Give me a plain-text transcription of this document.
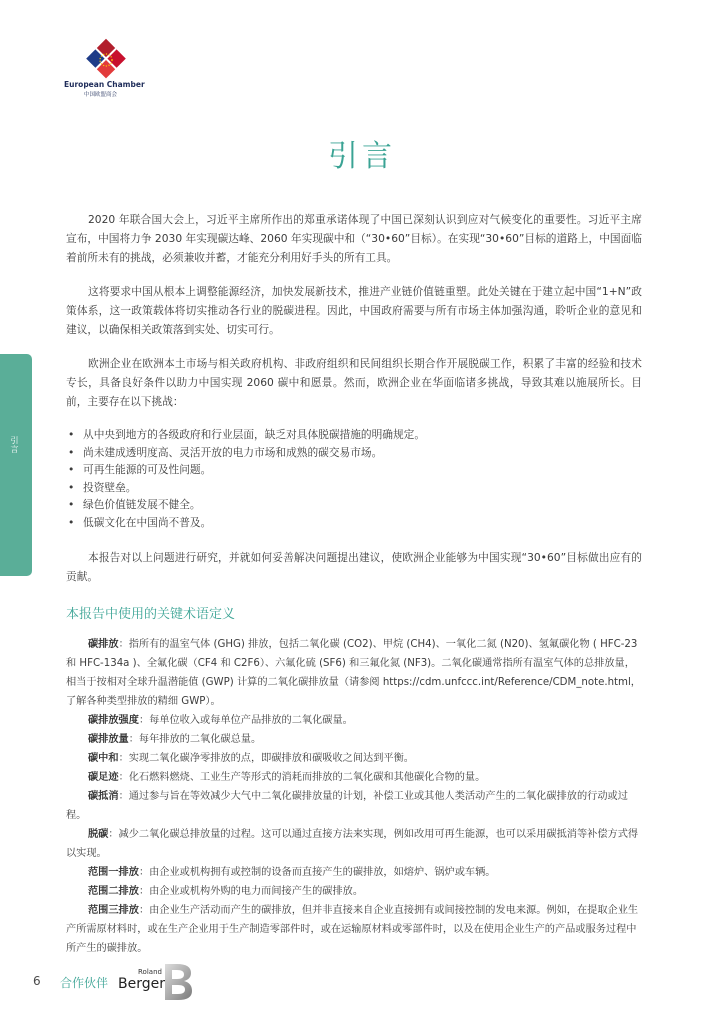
European Chamber
中国欧盟商会
引言

2020 年联合国大会上，习近平主席所作出的郑重承诺体现了中国已深刻认识到应对气候变化的重要性。习近平主席宣布，中国将力争 2030 年实现碳达峰、2060 年实现碳中和（“30•60”目标）。在实现“30•60”目标的道路上，中国面临着前所未有的挑战，必须兼收并蓄，才能充分利用好手头的所有工具。

这将要求中国从根本上调整能源经济，加快发展新技术，推进产业链价值链重塑。此处关键在于建立起中国“1+N”政策体系，这一政策载体将切实推动各行业的脱碳进程。因此，中国政府需要与所有市场主体加强沟通，聆听企业的意见和建议，以确保相关政策落到实处、切实可行。

欧洲企业在欧洲本土市场与相关政府机构、非政府组织和民间组织长期合作开展脱碳工作，积累了丰富的经验和技术专长，具备良好条件以助力中国实现 2060 碳中和愿景。然而，欧洲企业在华面临诸多挑战，导致其难以施展所长。目前，主要存在以下挑战：

• 从中央到地方的各级政府和行业层面，缺乏对具体脱碳措施的明确规定。
• 尚未建成透明度高、灵活开放的电力市场和成熟的碳交易市场。
• 可再生能源的可及性问题。
• 投资壁垒。
• 绿色价值链发展不健全。
• 低碳文化在中国尚不普及。

本报告对以上问题进行研究，并就如何妥善解决问题提出建议，使欧洲企业能够为中国实现“30•60”目标做出应有的贡献。

本报告中使用的关键术语定义

碳排放：指所有的温室气体 (GHG) 排放，包括二氧化碳 (CO2)、甲烷 (CH4)、一氧化二氮 (N20)、氢氟碳化物 ( HFC-23 和 HFC-134a )、全氟化碳（CF4 和 C2F6）、六氟化硫 (SF6) 和三氟化氮 (NF3)。二氧化碳通常指所有温室气体的总排放量，相当于按相对全球升温潜能值 (GWP) 计算的二氧化碳排放量（请参阅 https://cdm.unfccc.int/Reference/CDM_note.html，了解各种类型排放的精细 GWP）。

碳排放强度：每单位收入或每单位产品排放的二氧化碳量。

碳排放量：每年排放的二氧化碳总量。

碳中和：实现二氧化碳净零排放的点，即碳排放和碳吸收之间达到平衡。

碳足迹：化石燃料燃烧、工业生产等形式的消耗而排放的二氧化碳和其他碳化合物的量。

碳抵消：通过参与旨在等效减少大气中二氧化碳排放量的计划，补偿工业或其他人类活动产生的二氧化碳排放的行动或过程。

脱碳：减少二氧化碳总排放量的过程。这可以通过直接方法来实现，例如改用可再生能源，也可以采用碳抵消等补偿方式得以实现。

范围一排放：由企业或机构拥有或控制的设备而直接产生的碳排放，如熔炉、锅炉或车辆。

范围二排放：由企业或机构外购的电力而间接产生的碳排放。

范围三排放：由企业生产活动而产生的碳排放，但并非直接来自企业直接拥有或间接控制的发电来源。例如，在提取企业生产所需原材料时，或在生产企业用于生产制造零部件时，或在运输原材料或零部件时，以及在使用企业生产的产品或服务过程中所产生的碳排放。

引言
6 合作伙伴
Roland
Berger
